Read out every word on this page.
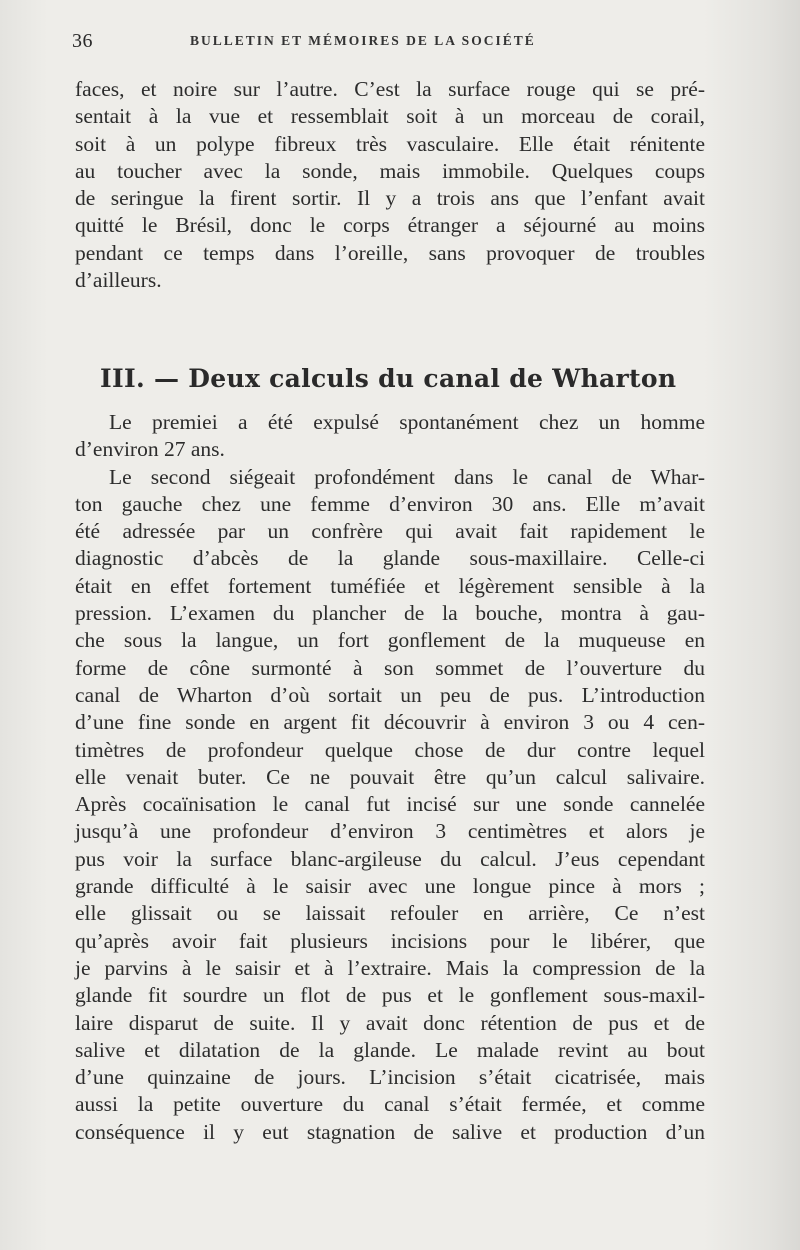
36	BULLETIN ET MÉMOIRES DE LA SOCIÉTÉ
faces, et noire sur l’autre. C’est la surface rouge qui se pré-
sentait à la vue et ressemblait soit à un morceau de corail,
soit à un polype fibreux très vasculaire. Elle était rénitente
au toucher avec la sonde, mais immobile. Quelques coups
de seringue la firent sortir. Il y a trois ans que l’enfant avait
quitté le Brésil, donc le corps étranger a séjourné au moins
pendant ce temps dans l’oreille, sans provoquer de troubles
d’ailleurs.
III. — Deux calculs du canal de Wharton
Le premiei a été expulsé spontanément chez un homme
d’environ 27 ans.
Le second siégeait profondément dans le canal de Whar-
ton gauche chez une femme d’environ 30 ans. Elle m’avait
été adressée par un confrère qui avait fait rapidement le
diagnostic d’abcès de la glande sous-maxillaire. Celle-ci
était en effet fortement tuméfiée et légèrement sensible à la
pression. L’examen du plancher de la bouche, montra à gau-
che sous la langue, un fort gonflement de la muqueuse en
forme de cône surmonté à son sommet de l’ouverture du
canal de Wharton d’où sortait un peu de pus. L’introduction
d’une fine sonde en argent fit découvrir à environ 3 ou 4 cen-
timètres de profondeur quelque chose de dur contre lequel
elle venait buter. Ce ne pouvait être qu’un calcul salivaire.
Après cocaïnisation le canal fut incisé sur une sonde cannelée
jusqu’à une profondeur d’environ 3 centimètres et alors je
pus voir la surface blanc-argileuse du calcul. J’eus cependant
grande difficulté à le saisir avec une longue pince à mors ;
elle glissait ou se laissait refouler en arrière, Ce n’est
qu’après avoir fait plusieurs incisions pour le libérer, que
je parvins à le saisir et à l’extraire. Mais la compression de la
glande fit sourdre un flot de pus et le gonflement sous-maxil-
laire disparut de suite. Il y avait donc rétention de pus et de
salive et dilatation de la glande. Le malade revint au bout
d’une quinzaine de jours. L’incision s’était cicatrisée, mais
aussi la petite ouverture du canal s’était fermée, et comme
conséquence il y eut stagnation de salive et production d’un
